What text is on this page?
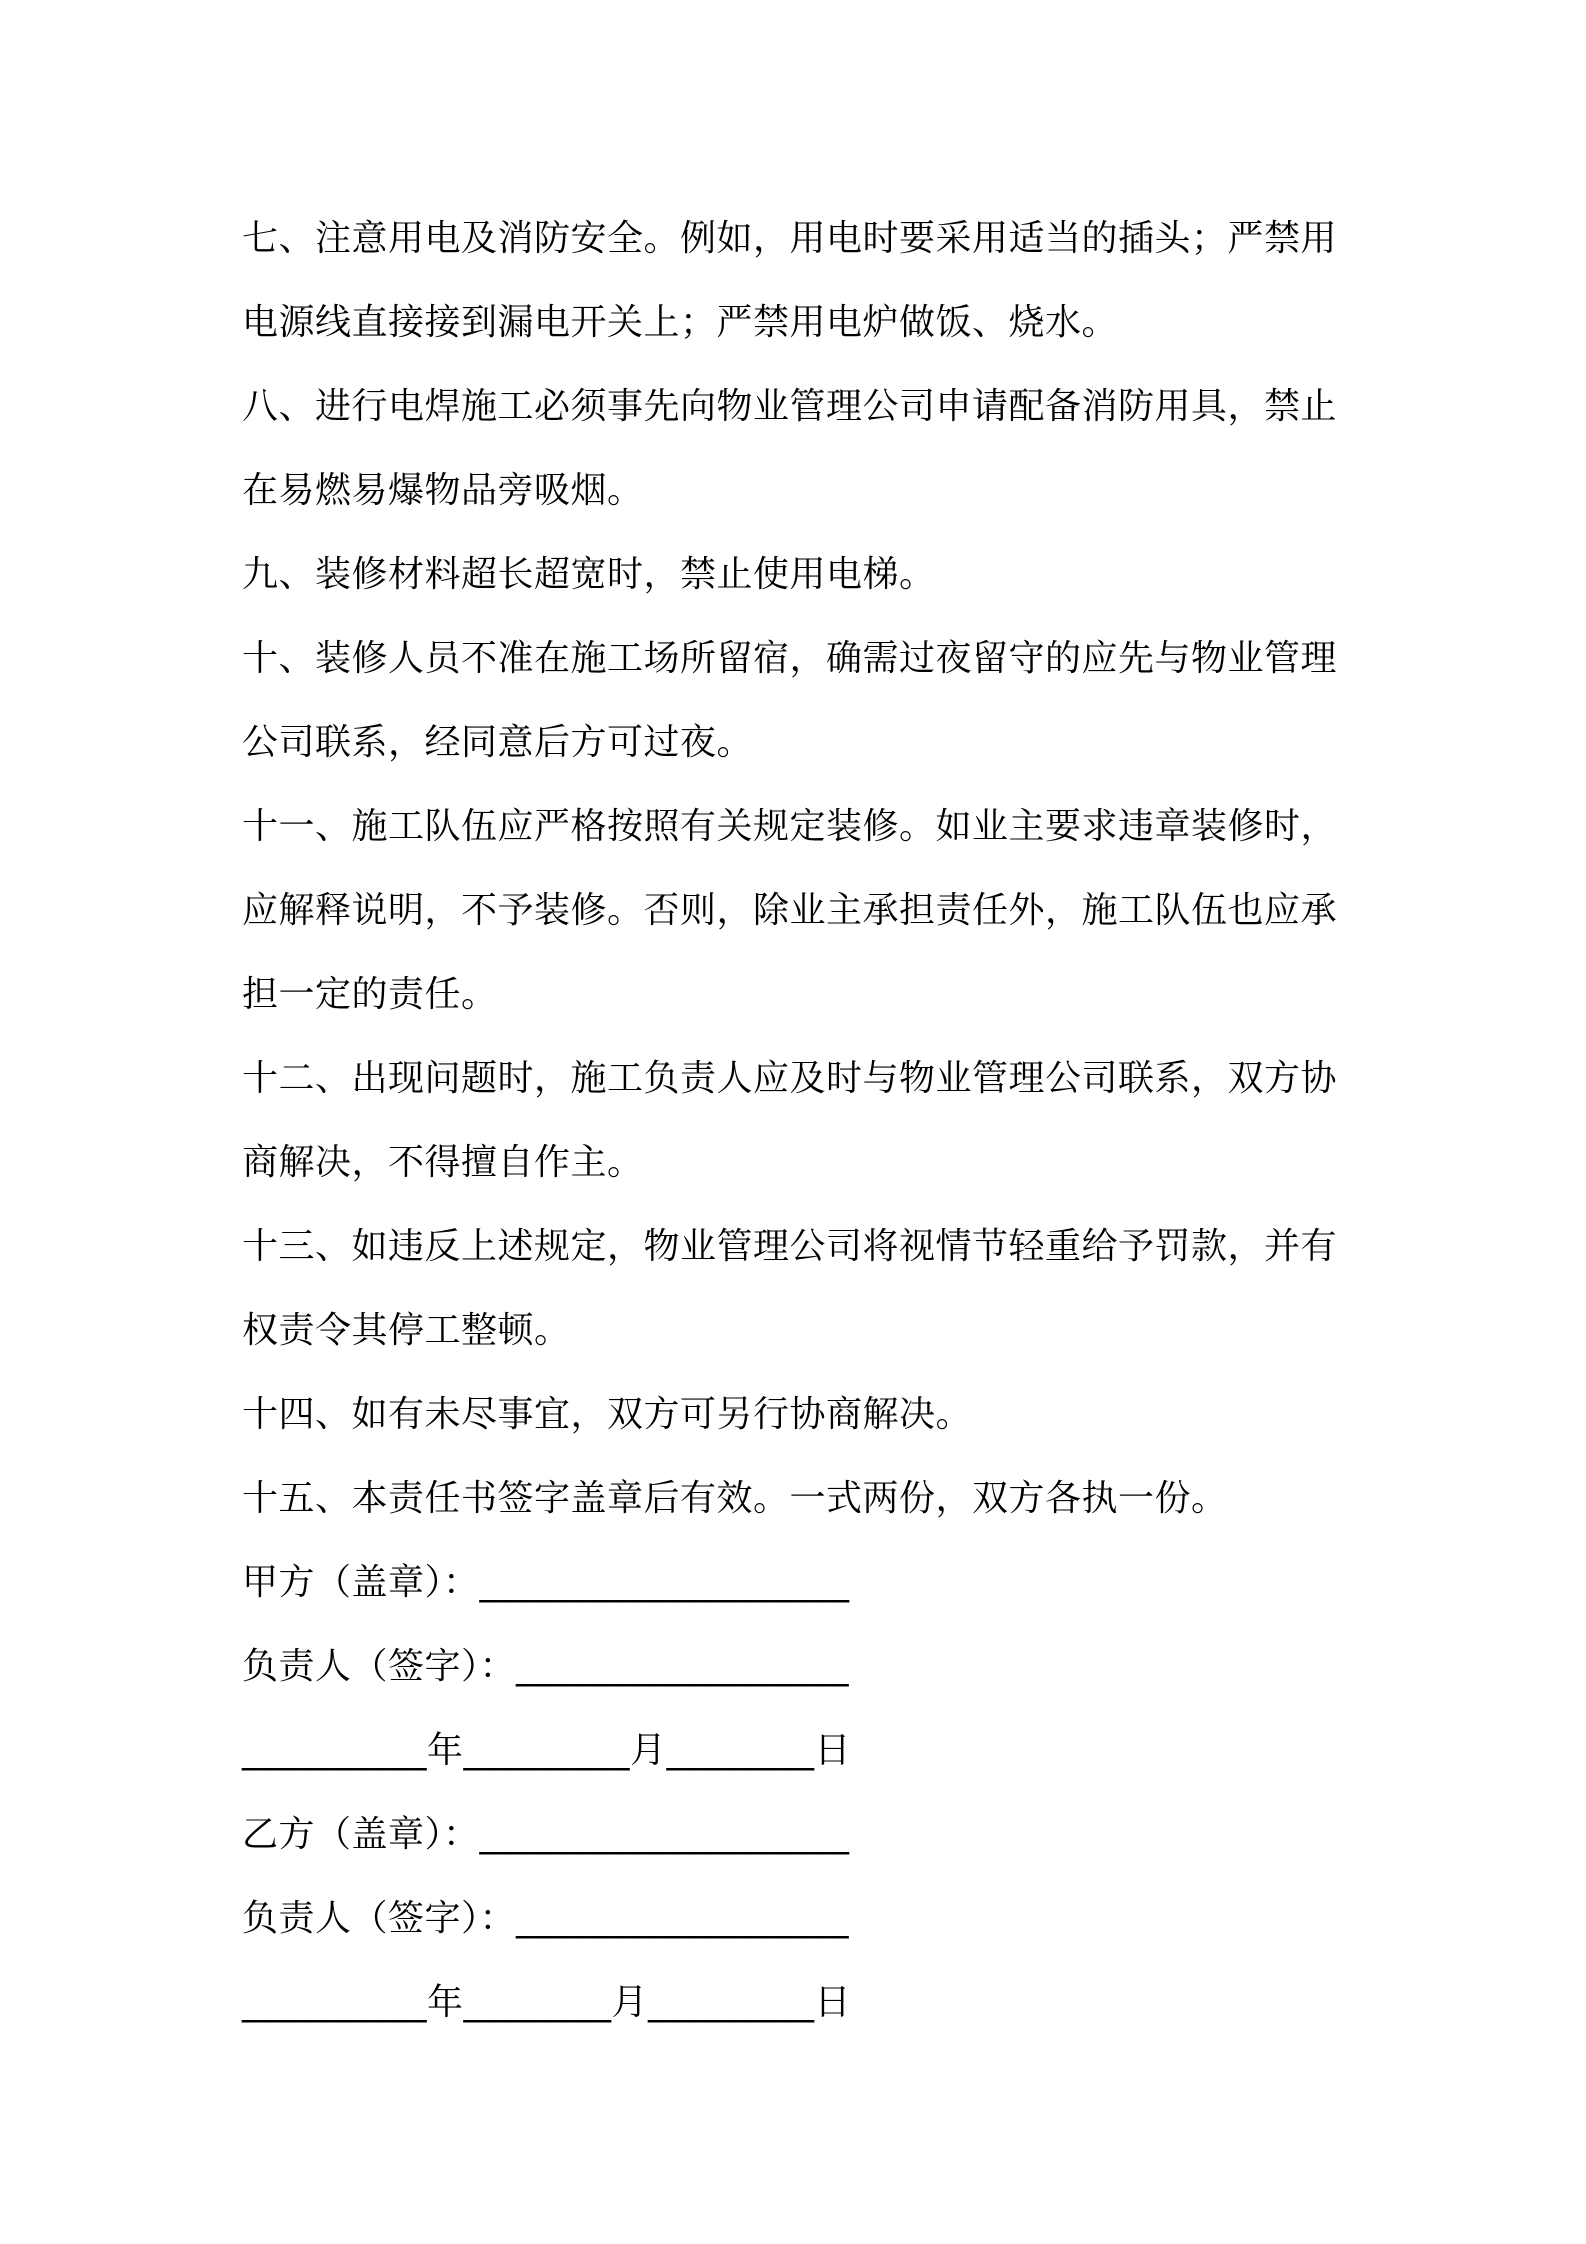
七、注意用电及消防安全。例如，用电时要采用适当的插头；严禁用
电源线直接接到漏电开关上；严禁用电炉做饭、烧水。
八、进行电焊施工必须事先向物业管理公司申请配备消防用具，禁止
在易燃易爆物品旁吸烟。
九、装修材料超长超宽时，禁止使用电梯。
十、装修人员不准在施工场所留宿，确需过夜留守的应先与物业管理
公司联系，经同意后方可过夜。
十一、施工队伍应严格按照有关规定装修。如业主要求违章装修时，
应解释说明，不予装修。否则，除业主承担责任外，施工队伍也应承
担一定的责任。
十二、出现问题时，施工负责人应及时与物业管理公司联系，双方协
商解决，不得擅自作主。
十三、如违反上述规定，物业管理公司将视情节轻重给予罚款，并有
权责令其停工整顿。
十四、如有未尽事宜，双方可另行协商解决。
十五、本责任书签字盖章后有效。一式两份，双方各执一份。
甲方（盖章）：____________________
负责人（签字）：__________________
__________年_________月________日
乙方（盖章）：____________________
负责人（签字）：__________________
__________年________月_________日
